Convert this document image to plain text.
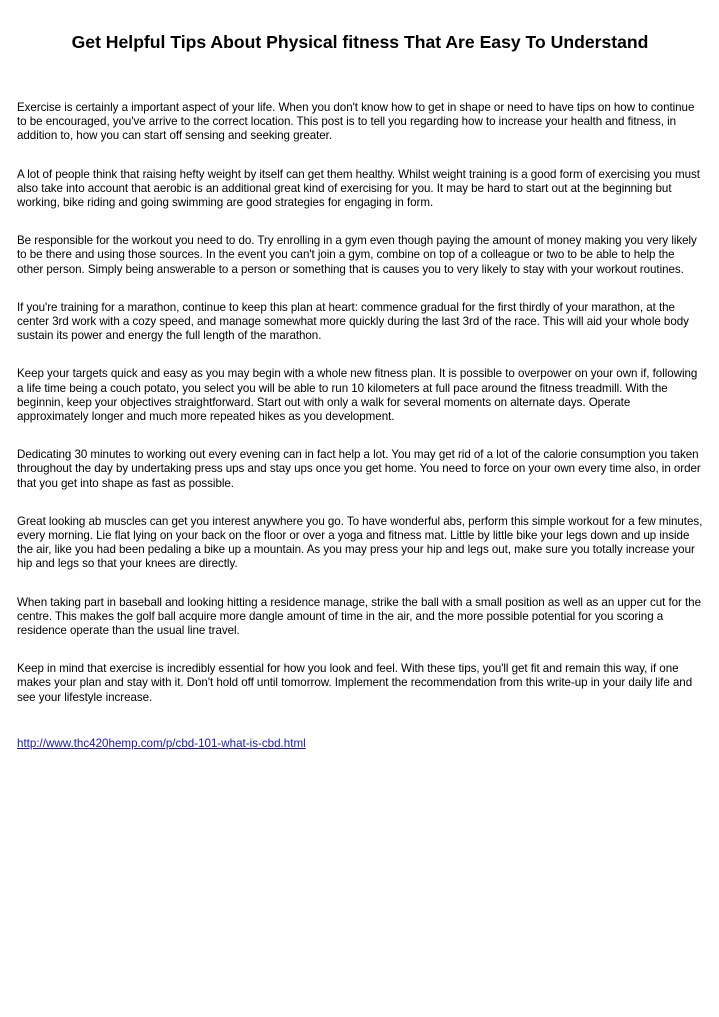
Get Helpful Tips About Physical fitness That Are Easy To Understand

Exercise is certainly a important aspect of your life. When you don't know how to get in shape or need to have tips on how to continue to be encouraged, you've arrive to the correct location. This post is to tell you regarding how to increase your health and fitness, in addition to, how you can start off sensing and seeking greater.

A lot of people think that raising hefty weight by itself can get them healthy. Whilst weight training is a good form of exercising you must also take into account that aerobic is an additional great kind of exercising for you. It may be hard to start out at the beginning but working, bike riding and going swimming are good strategies for engaging in form.

Be responsible for the workout you need to do. Try enrolling in a gym even though paying the amount of money making you very likely to be there and using those sources. In the event you can't join a gym, combine on top of a colleague or two to be able to help the other person. Simply being answerable to a person or something that is causes you to very likely to stay with your workout routines.

If you're training for a marathon, continue to keep this plan at heart: commence gradual for the first thirdly of your marathon, at the center 3rd work with a cozy speed, and manage somewhat more quickly during the last 3rd of the race. This will aid your whole body sustain its power and energy the full length of the marathon.

Keep your targets quick and easy as you may begin with a whole new fitness plan. It is possible to overpower on your own if, following a life time being a couch potato, you select you will be able to run 10 kilometers at full pace around the fitness treadmill. With the beginnin, keep your objectives straightforward. Start out with only a walk for several moments on alternate days. Operate approximately longer and much more repeated hikes as you development.

Dedicating 30 minutes to working out every evening can in fact help a lot. You may get rid of a lot of the calorie consumption you taken throughout the day by undertaking press ups and stay ups once you get home. You need to force on your own every time also, in order that you get into shape as fast as possible.

Great looking ab muscles can get you interest anywhere you go. To have wonderful abs, perform this simple workout for a few minutes, every morning. Lie flat lying on your back on the floor or over a yoga and fitness mat. Little by little bike your legs down and up inside the air, like you had been pedaling a bike up a mountain. As you may press your hip and legs out, make sure you totally increase your hip and legs so that your knees are directly.

When taking part in baseball and looking hitting a residence manage, strike the ball with a small position as well as an upper cut for the centre. This makes the golf ball acquire more dangle amount of time in the air, and the more possible potential for you scoring a residence operate than the usual line travel.

Keep in mind that exercise is incredibly essential for how you look and feel. With these tips, you'll get fit and remain this way, if one makes your plan and stay with it. Don't hold off until tomorrow. Implement the recommendation from this write-up in your daily life and see your lifestyle increase.

http://www.thc420hemp.com/p/cbd-101-what-is-cbd.html
